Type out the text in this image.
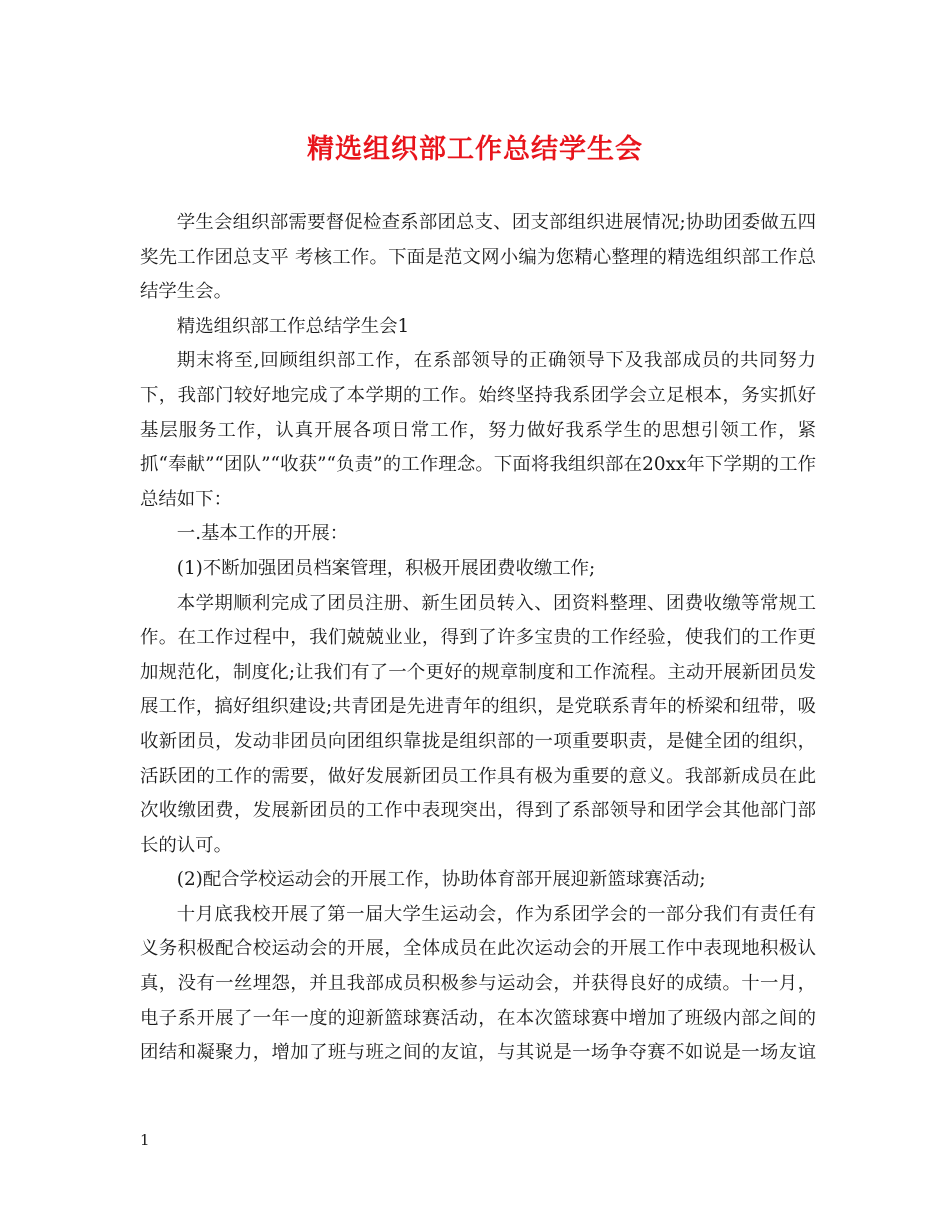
精选组织部工作总结学生会

学生会组织部需要督促检查系部团总支、团支部组织进展情况;协助团委做五四奖先工作团总支平 考核工作。下面是范文网小编为您精心整理的精选组织部工作总结学生会。

精选组织部工作总结学生会1

期末将至,回顾组织部工作，在系部领导的正确领导下及我部成员的共同努力下，我部门较好地完成了本学期的工作。始终坚持我系团学会立足根本，务实抓好基层服务工作，认真开展各项日常工作，努力做好我系学生的思想引领工作，紧抓“奉献”“团队”“收获”“负责”的工作理念。下面将我组织部在20xx年下学期的工作总结如下：

一.基本工作的开展：

(1)不断加强团员档案管理，积极开展团费收缴工作;

本学期顺利完成了团员注册、新生团员转入、团资料整理、团费收缴等常规工作。在工作过程中，我们兢兢业业，得到了许多宝贵的工作经验，使我们的工作更加规范化，制度化;让我们有了一个更好的规章制度和工作流程。主动开展新团员发展工作，搞好组织建设;共青团是先进青年的组织，是党联系青年的桥梁和纽带，吸收新团员，发动非团员向团组织靠拢是组织部的一项重要职责，是健全团的组织，活跃团的工作的需要，做好发展新团员工作具有极为重要的意义。我部新成员在此次收缴团费，发展新团员的工作中表现突出，得到了系部领导和团学会其他部门部长的认可。

(2)配合学校运动会的开展工作，协助体育部开展迎新篮球赛活动;

十月底我校开展了第一届大学生运动会，作为系团学会的一部分我们有责任有义务积极配合校运动会的开展，全体成员在此次运动会的开展工作中表现地积极认真，没有一丝埋怨，并且我部成员积极参与运动会，并获得良好的成绩。十一月，电子系开展了一年一度的迎新篮球赛活动，在本次篮球赛中增加了班级内部之间的团结和凝聚力，增加了班与班之间的友谊，与其说是一场争夺赛不如说是一场友谊

1
